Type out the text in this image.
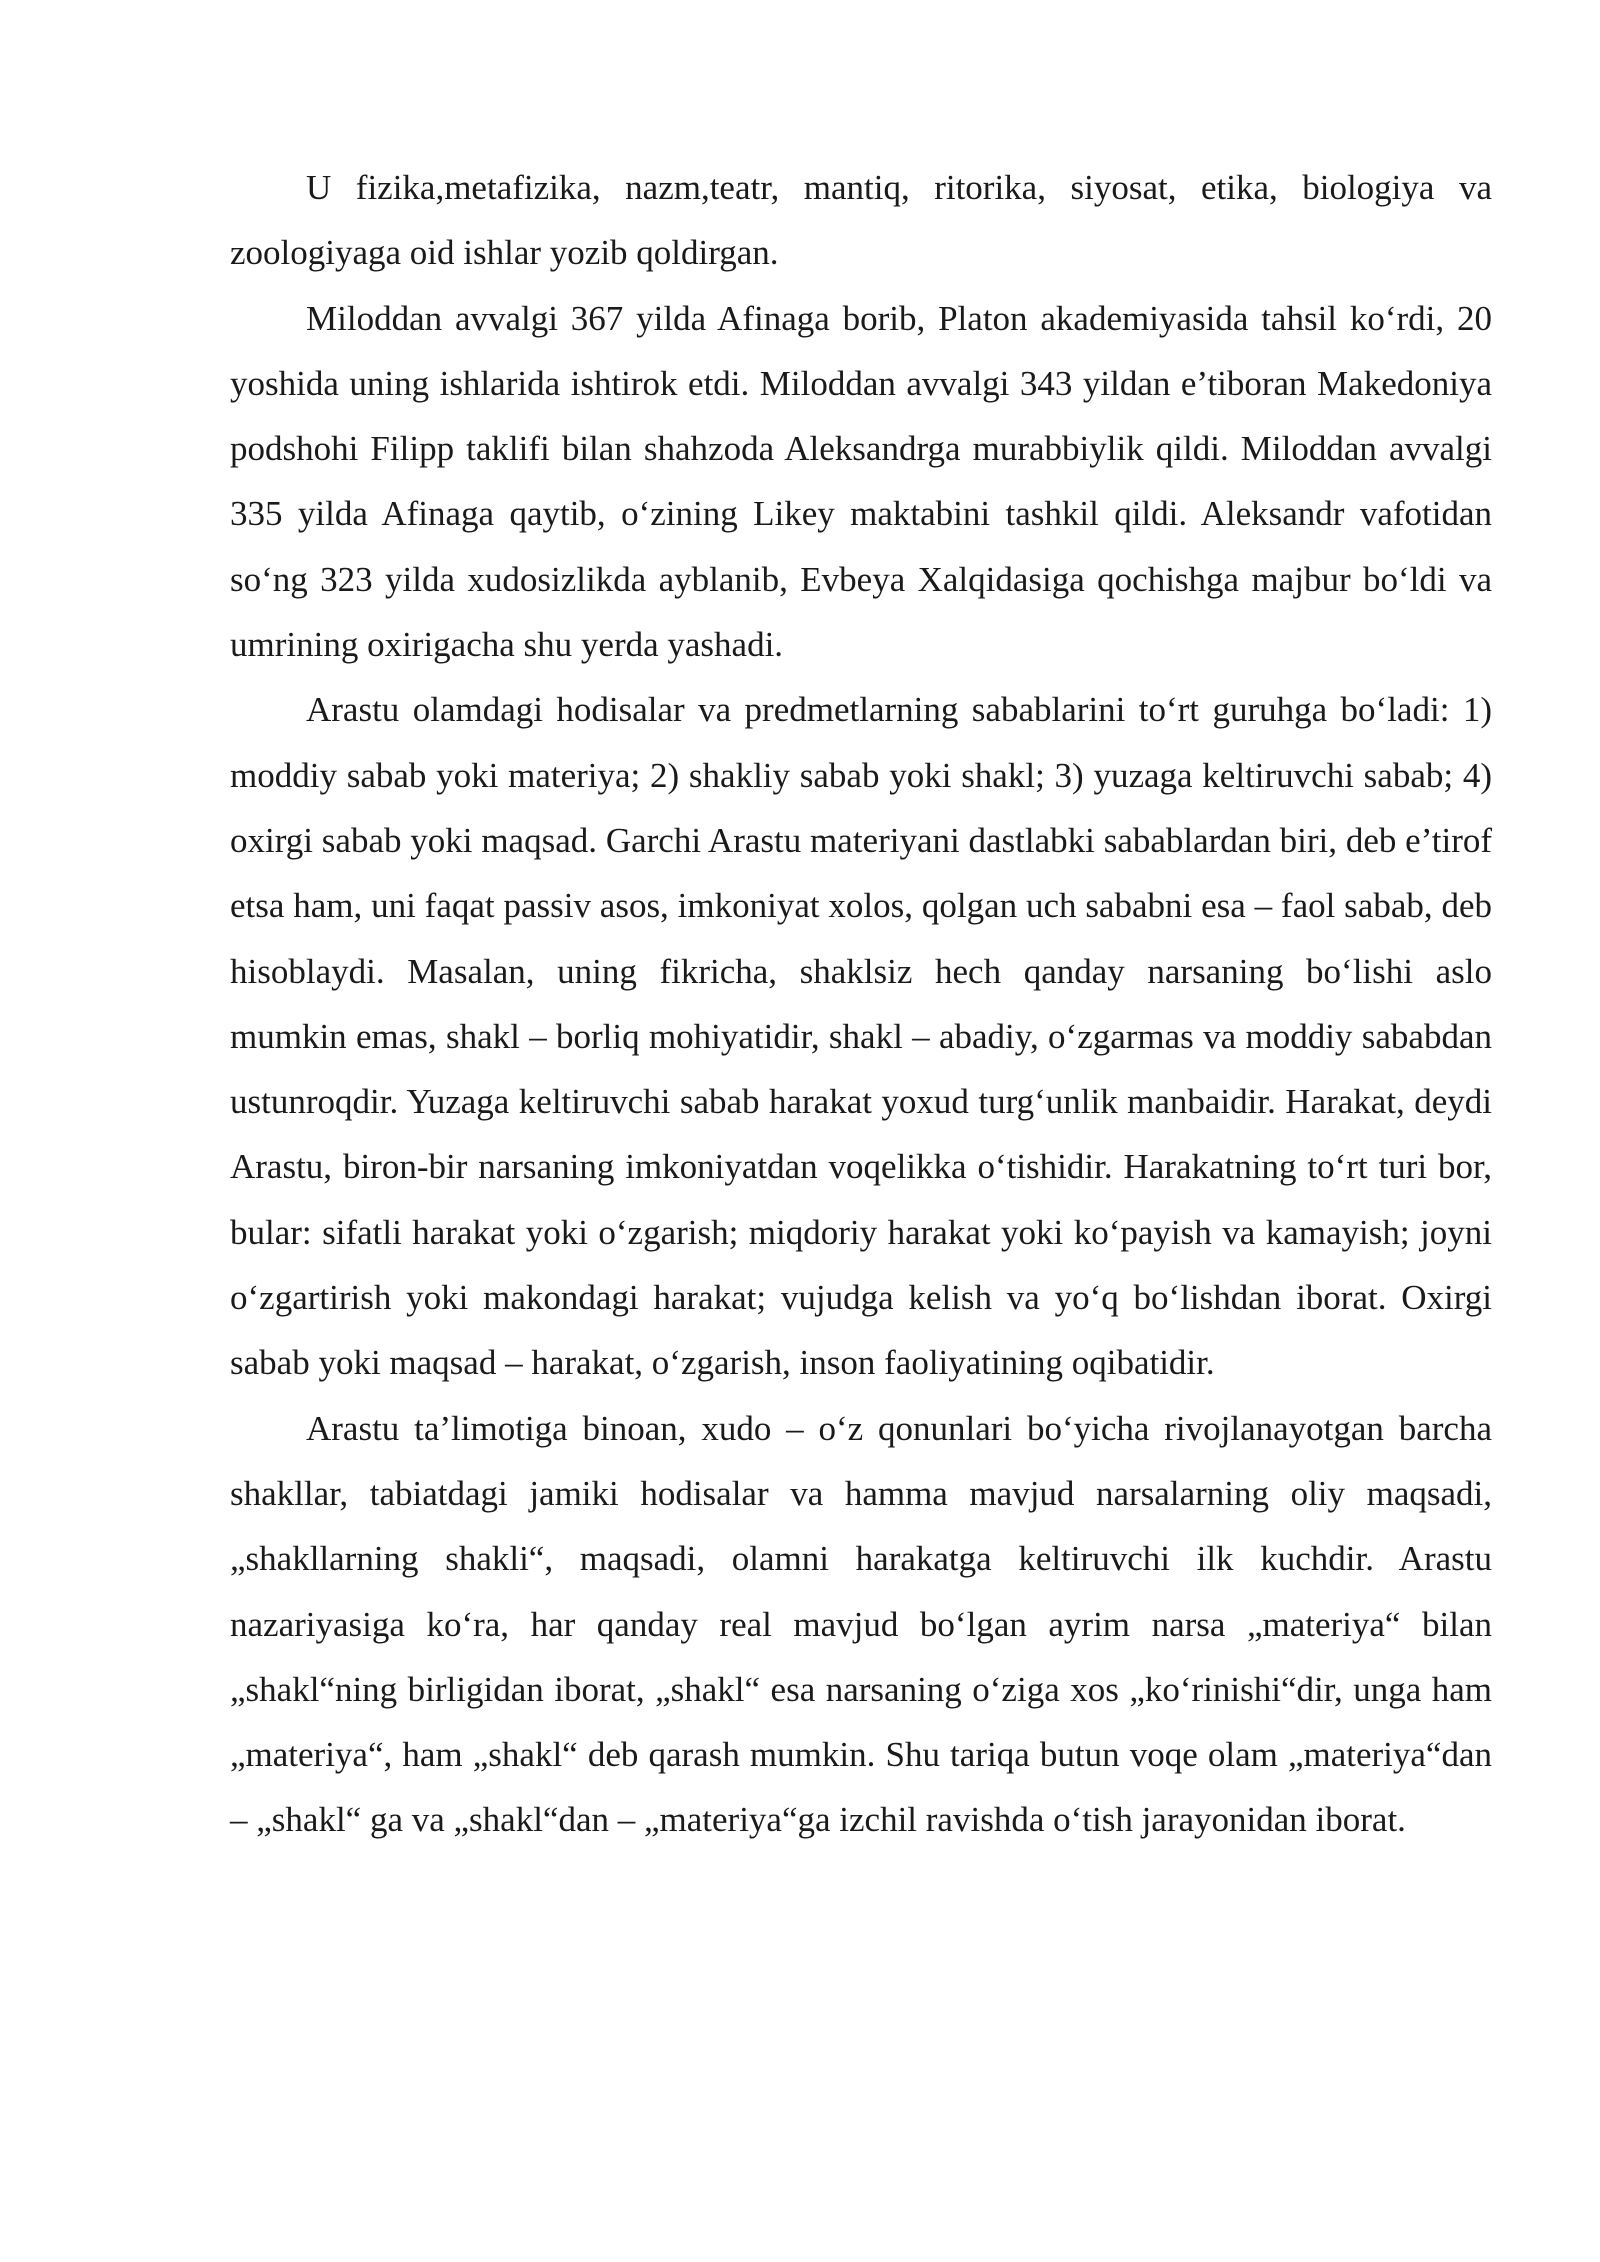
U fizika,metafizika, nazm,teatr, mantiq, ritorika, siyosat, etika, biologiya va zoologiyaga oid ishlar yozib qoldirgan.

Miloddan avvalgi 367 yilda Afinaga borib, Platon akademiyasida tahsil ko‘rdi, 20 yoshida uning ishlarida ishtirok etdi. Miloddan avvalgi 343 yildan e’tiboran Makedoniya podshohi Filipp taklifi bilan shahzoda Aleksandrga murabbiylik qildi. Miloddan avvalgi 335 yilda Afinaga qaytib, o‘zining Likey maktabini tashkil qildi. Aleksandr vafotidan so‘ng 323 yilda xudosizlikda ayblanib, Evbeya Xalqidasiga qochishga majbur bo‘ldi va umrining oxirigacha shu yerda yashadi.

Arastu olamdagi hodisalar va predmetlarning sabablarini to‘rt guruhga bo‘ladi: 1) moddiy sabab yoki materiya; 2) shakliy sabab yoki shakl; 3) yuzaga keltiruvchi sabab; 4) oxirgi sabab yoki maqsad. Garchi Arastu materiyani dastlabki sabablardan biri, deb e’tirof etsa ham, uni faqat passiv asos, imkoniyat xolos, qolgan uch sababni esa – faol sabab, deb hisoblaydi. Masalan, uning fikricha, shaklsiz hech qanday narsaning bo‘lishi aslo mumkin emas, shakl – borliq mohiyatidir, shakl – abadiy, o‘zgarmas va moddiy sababdan ustunroqdir. Yuzaga keltiruvchi sabab harakat yoxud turg‘unlik manbaidir. Harakat, deydi Arastu, biron-bir narsaning imkoniyatdan voqelikka o‘tishidir. Harakatning to‘rt turi bor, bular: sifatli harakat yoki o‘zgarish; miqdoriy harakat yoki ko‘payish va kamayish; joyni o‘zgartirish yoki makondagi harakat; vujudga kelish va yo‘q bo‘lishdan iborat. Oxirgi sabab yoki maqsad – harakat, o‘zgarish, inson faoliyatining oqibatidir.

Arastu ta’limotiga binoan, xudo – o‘z qonunlari bo‘yicha rivojlanayotgan barcha shakllar, tabiatdagi jamiki hodisalar va hamma mavjud narsalarning oliy maqsadi, „shakllarning shakli“, maqsadi, olamni harakatga keltiruvchi ilk kuchdir. Arastu nazariyasiga ko‘ra, har qanday real mavjud bo‘lgan ayrim narsa „materiya“ bilan „shakl“ning birligidan iborat, „shakl“ esa narsaning o‘ziga xos „ko‘rinishi“dir, unga ham „materiya“, ham „shakl“ deb qarash mumkin. Shu tariqa butun voqe olam „materiya“dan – „shakl“ ga va „shakl“dan – „materiya“ga izchil ravishda o‘tish jarayonidan iborat.
